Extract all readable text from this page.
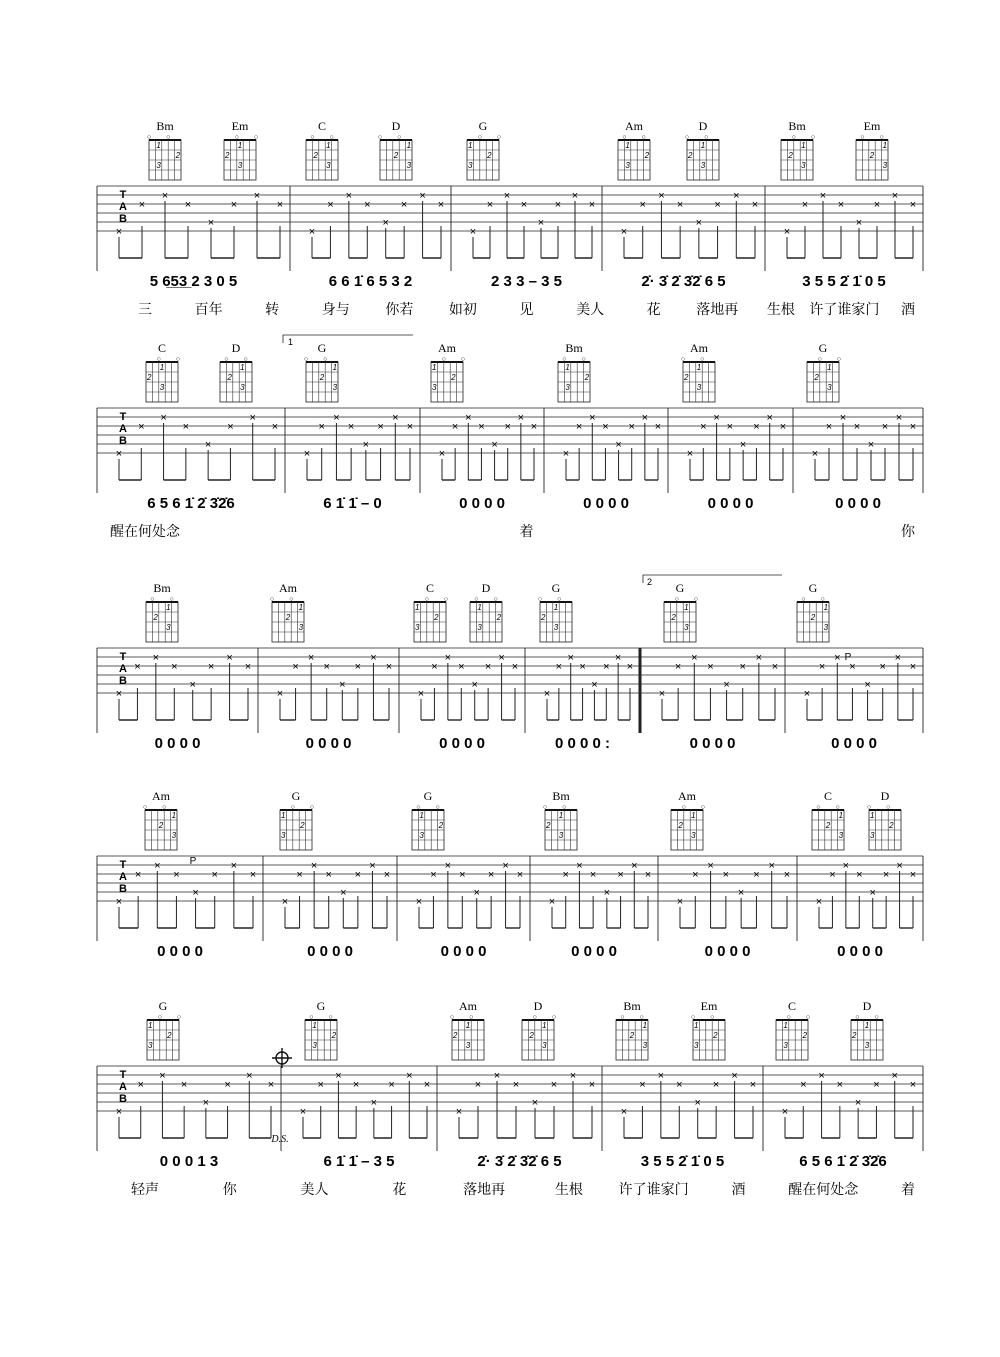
Bm
○ ○
1
2
3
Em
○ ○
1
2
3
C
○ ○
1
2
3
D
○ ○
1
2
3
G
○ ○
1
2
3
Am
○ ○
1
2
3
D
○ ○
1
2
3
Bm
○ ○
1
2
3
Em
○ ○
1
2
3
T
A
B
×
×
×
×
×
×
×
×
×
×
×
×
×
×
×
×
×
×
×
×
×
×
×
×
×
×
×
×
×
×
×
×
×
×
×
×
×
×
×
×
5 6̲5̲3̲ 2 3 0 5	6 6 1̇ 6 5 3 2	2 3 3 – 3 5	2̇· 3̇ 2̇ 3̇2̇ 6 5	3 5 5 2̇ 1̇ 0 5
三	百年	转	身与	你若	如初	见	美人	花	落地再 生根 许了谁家门 酒
C
○ ○
1
2
3
D
○ ○
1
2
3
G
○ ○
1
2
3
Am
○ ○
1
2
3
Bm
○ ○
1
2
3
Am
○ ○
1
2
3
G
○ ○
1
2
3
T
A
B
×
×
×
×
×
×
×
×
×
×
×
×
×
×
×
×
×
×
×
×
×
×
×
×
×
×
×
×
×
×
×
×
×
×
×
×
×
×
×
×
×
×
×
×
×
×
×
×
6 5 6 1̇ 2̇ 3̇2̇6	6 1̇ 1̇ – 0	0 0 0 0	0 0 0 0	0 0 0 0	0 0 0 0
醒在何处念	着	你
Bm
○ ○
1
2
3
Am
○ ○
1
2
3
C
○ ○
1
2
3
D
○ ○
1
2
3
G
○ ○
1
2
3
G
○ ○
1
2
3
G
○ ○
1
2
3
T
A
B
×
×
×
×
×
×
×
×
×
×
×
×
×
×
×
×
×
×
×
×
×
×
×
×
×
×
×
×
×
×
×
×
×
×
×
×
×
×
×
×
×
×
×
×
×
×
×
×
0 0 0 0	0 0 0 0	0 0 0 0	0 0 0 0 :	0 0 0 0	0 0 0 0
Am
○ ○
1
2
3
G
○ ○
1
2
3
G
○ ○
1
2
3
Bm
○ ○
1
2
3
Am
○ ○
1
2
3
C
○ ○
1
2
3
D
○ ○
1
2
3
T
A
B
×
×
×
×
×
×
×
×
×
×
×
×
×
×
×
×
×
×
×
×
×
×
×
×
×
×
×
×
×
×
×
×
×
×
×
×
×
×
×
×
×
×
×
×
×
×
×
×
0 0 0 0	0 0 0 0	0 0 0 0	0 0 0 0	0 0 0 0	0 0 0 0
G
○ ○
1
2
3
G
○ ○
1
2
3
Am
○ ○
1
2
3
D
○ ○
1
2
3
Bm
○ ○
1
2
3
Em
○ ○
1
2
3
C
○ ○
1
2
3
D
○ ○
1
2
3
T
A
B
×
×
×
×
×
×
×
×
×
×
×
×
×
×
×
×
×
×
×
×
×
×
×
×
×
×
×
×
×
×
×
×
×
×
×
×
×
×
×
×
0 0 0 1 3	6 1̇ 1̇ – 3 5	2̇· 3̇ 2̇ 3̇2̇ 6 5	3 5 5 2̇ 1̇ 0 5	6 5 6 1̇ 2̇ 3̇2̇6
轻声	你	美人	花	落地再	生根	许了谁家门	酒	醒在何处念	着
1
2
P
P
D.S.
